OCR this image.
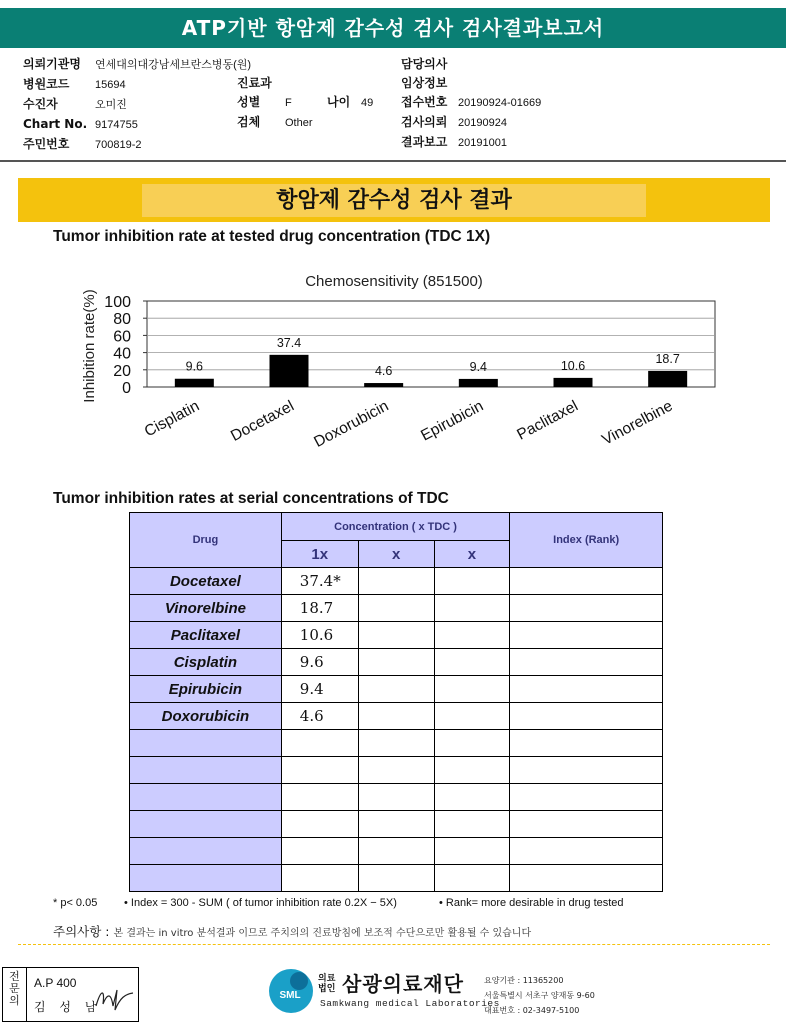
ATP기반 항암제 감수성 검사 검사결과보고서
의뢰기관명 연세대의대강남세브란스병동(원)
병원코드 15694
수진자	오미진
Chart No. 9174755
주민번호 700819-2
진료과
성별 F	나이 49
검체 Other
담당의사
임상정보
접수번호 20190924-01669
검사의뢰 20190924
결과보고 20191001
항암제 감수성 검사 결과
Tumor inhibition rate at tested drug concentration (TDC 1X)
Chemosensitivity (851500)
Inhibition rate(%) 100
80
60
40
20
0
9.6
37.4
4.6	9.4	10.6	18.7
Cisplatin Docetaxel Doxorubicin Epirubicin Paclitaxel Vinorelbine
Tumor inhibition rates at serial concentrations of TDC
Drug	Concentration ( x TDC )			Index (Rank)
	1x	x	x	
Docetaxel	37.4*			
Vinorelbine	18.7			
Paclitaxel	10.6			
Cisplatin	9.6			
Epirubicin	9.4			
Doxorubicin	4.6			

* p< 0.05 • Index = 300 - SUM ( of tumor inhibition rate 0.2X − 5X)	• Rank= more desirable in drug tested
주의사항 : 본 결과는 in vitro 분석결과 이므로 주치의의 진료방침에 보조적 수단으로만 활용될 수 있습니다
전
문
의
A.P 400
김 성 남
SML
의료
법인 삼광의료재단
Samkwang medical Laboratories
요양기관 : 11365200
서울특별시 서초구 양재동 9-60
대표번호 : 02-3497-5100
